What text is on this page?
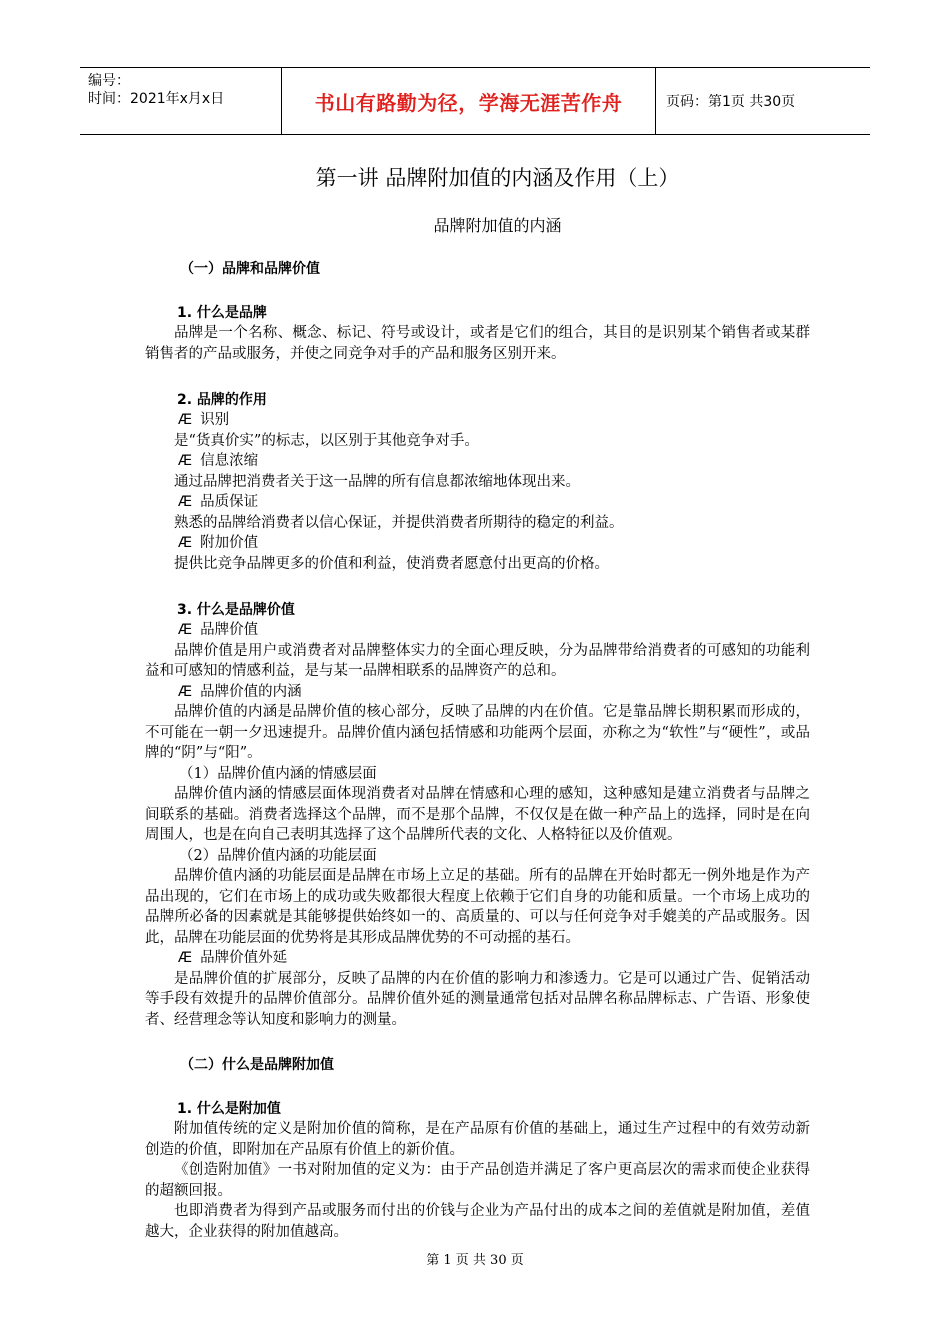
编号：
时间：2021年x月x日	书山有路勤为径，学海无涯苦作舟	页码：第1页 共30页
第一讲 品牌附加值的内涵及作用（上）
品牌附加值的内涵
（一）品牌和品牌价值
1. 什么是品牌

品牌是一个名称、概念、标记、符号或设计，或者是它们的组合，其目的是识别某个销售者或某群销售者的产品或服务，并使之同竞争对手的产品和服务区别开来。

2. 品牌的作用

Æ 识别

是“货真价实”的标志，以区别于其他竞争对手。

Æ 信息浓缩

通过品牌把消费者关于这一品牌的所有信息都浓缩地体现出来。

Æ 品质保证

熟悉的品牌给消费者以信心保证，并提供消费者所期待的稳定的利益。

Æ 附加价值

提供比竞争品牌更多的价值和利益，使消费者愿意付出更高的价格。

3. 什么是品牌价值

Æ 品牌价值

品牌价值是用户或消费者对品牌整体实力的全面心理反映，分为品牌带给消费者的可感知的功能利益和可感知的情感利益，是与某一品牌相联系的品牌资产的总和。

Æ 品牌价值的内涵

品牌价值的内涵是品牌价值的核心部分，反映了品牌的内在价值。它是靠品牌长期积累而形成的，不可能在一朝一夕迅速提升。品牌价值内涵包括情感和功能两个层面，亦称之为“软性”与“硬性”，或品牌的“阴”与“阳”。

（1）品牌价值内涵的情感层面

品牌价值内涵的情感层面体现消费者对品牌在情感和心理的感知，这种感知是建立消费者与品牌之间联系的基础。消费者选择这个品牌，而不是那个品牌，不仅仅是在做一种产品上的选择，同时是在向周围人，也是在向自己表明其选择了这个品牌所代表的文化、人格特征以及价值观。

（2）品牌价值内涵的功能层面

品牌价值内涵的功能层面是品牌在市场上立足的基础。所有的品牌在开始时都无一例外地是作为产品出现的，它们在市场上的成功或失败都很大程度上依赖于它们自身的功能和质量。一个市场上成功的品牌所必备的因素就是其能够提供始终如一的、高质量的、可以与任何竞争对手媲美的产品或服务。因此，品牌在功能层面的优势将是其形成品牌优势的不可动摇的基石。

Æ 品牌价值外延

是品牌价值的扩展部分，反映了品牌的内在价值的影响力和渗透力。它是可以通过广告、促销活动等手段有效提升的品牌价值部分。品牌价值外延的测量通常包括对品牌名称品牌标志、广告语、形象使者、经营理念等认知度和影响力的测量。

（二）什么是品牌附加值
1. 什么是附加值

附加值传统的定义是附加价值的简称，是在产品原有价值的基础上，通过生产过程中的有效劳动新创造的价值，即附加在产品原有价值上的新价值。

《创造附加值》一书对附加值的定义为：由于产品创造并满足了客户更高层次的需求而使企业获得的超额回报。

也即消费者为得到产品或服务而付出的价钱与企业为产品付出的成本之间的差值就是附加值，差值越大，企业获得的附加值越高。

第 1 页 共 30 页
